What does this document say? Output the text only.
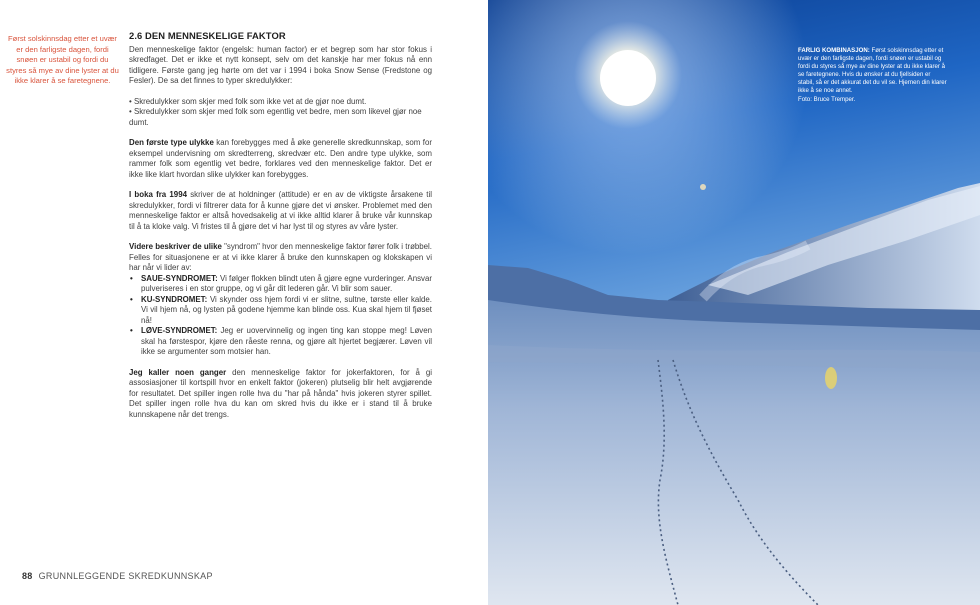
Først solskinnsdag etter et uvær er den farligste dagen, fordi snøen er ustabil og fordi du styres så mye av dine lyster at du ikke klarer å se faretegnene.
2.6 DEN MENNESKELIGE FAKTOR

Den menneskelige faktor (engelsk: human factor) er et begrep som har stor fokus i skredfaget. Det er ikke et nytt konsept, selv om det kanskje har mer fokus nå enn tidligere. Første gang jeg hørte om det var i 1994 i boka Snow Sense (Fredstone og Fesler). De sa det finnes to typer skredulykker:

• Skredulykker som skjer med folk som ikke vet at de gjør noe dumt.
• Skredulykker som skjer med folk som egentlig vet bedre, men som likevel gjør noe dumt.

Den første type ulykke kan forebygges med å øke generelle skredkunnskap, som for eksempel undervisning om skredterreng, skredvær etc. Den andre type ulykke, som rammer folk som egentlig vet bedre, forklares ved den menneskelige faktor. Det er ikke like klart hvordan slike ulykker kan forebygges.

I boka fra 1994 skriver de at holdninger (attitude) er en av de viktigste årsakene til skredulykker, fordi vi filtrerer data for å kunne gjøre det vi ønsker. Problemet med den menneskelige faktor er altså hovedsakelig at vi ikke alltid klarer å bruke vår kunnskap til å ta kloke valg. Vi fristes til å gjøre det vi har lyst til og styres av våre lyster.

Videre beskriver de ulike "syndrom" hvor den menneskelige faktor fører folk i trøbbel. Felles for situasjonene er at vi ikke klarer å bruke den kunnskapen og klokskapen vi har når vi lider av:

• SAUE-SYNDROMET: Vi følger flokken blindt uten å gjøre egne vurderinger. Ansvar pulveriseres i en stor gruppe, og vi går dit lederen går. Vi blir som sauer.
• KU-SYNDROMET: Vi skynder oss hjem fordi vi er slitne, sultne, tørste eller kalde. Vi vil hjem nå, og lysten på godene hjemme kan blinde oss. Kua skal hjem til fjøset nå!
• LØVE-SYNDROMET: Jeg er uovervinnelig og ingen ting kan stoppe meg! Løven skal ha førstespor, kjøre den råeste renna, og gjøre alt hjertet begjærer. Løven vil ikke se argumenter som motsier han.

Jeg kaller noen ganger den menneskelige faktor for jokerfaktoren, for å gi assosiasjoner til kortspill hvor en enkelt faktor (jokeren) plutselig blir helt avgjørende for resultatet. Det spiller ingen rolle hva du "har på hånda" hvis jokeren styrer spillet. Det spiller ingen rolle hva du kan om skred hvis du ikke er i stand til å bruke kunnskapene når det trengs.

88 GRUNNLEGGENDE SKREDKUNNSKAP
FARLIG KOMBINASJON: Først solskinnsdag etter et uvær er den farligste dagen, fordi snøen er ustabil og fordi du styres så mye av dine lyster at du ikke klarer å se faretegnene. Hvis du ønsker at du fjellsiden er stabil, så er det akkurat det du vil se. Hjernen din klarer ikke å se noe annet.
Foto: Bruce Tremper.
